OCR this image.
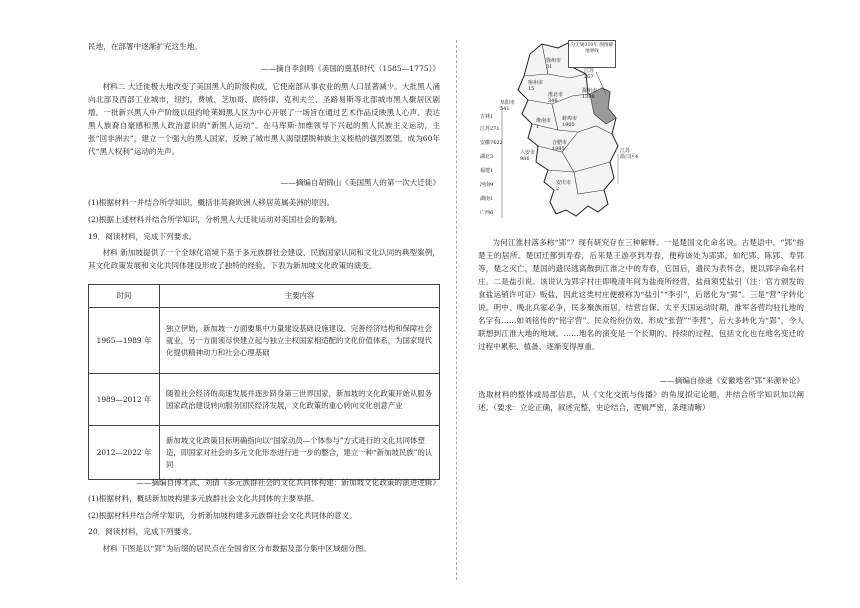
民地，在部署中逐渐扩充这生地。

——摘自李剑鸣《美国的奠基时代（1585—1775）》

材料二 大迁徙极大地改变了美国黑人的阶级构成，它使南部从事农业的黑人口显著减少。大批黑人涌向北部及西部工业城市，纽约、费城、芝加哥、底特律、克利夫兰、圣路易斯等北部城市黑人聚居区剧增。一批新兴黑人中产阶级以纽约哈莱姆黑人区为中心开展了一场旨在通过艺术作品反映黑人心声、表达黑人族裔自豪感和黑人政治意识的“新黑人运动”。在马库斯·加维领导下兴起的黑人民族主义运动，主张“回非洲去”，建立一个强大的黑人国家，反映了城市黑人渴望摆脱种族主义桎梏的强烈愿望，成为60年代“黑人权利”运动的先声。

——摘编自胡锦山《美国黑人的第一次大迁徙》

(1)根据材料一并结合所学知识，概括非英裔欧洲人移居英属美洲的原因。

(2)根据上述材料并结合所学知识，分析黑人大迁徙运动对美国社会的影响。

19．阅读材料，完成下列要求。

材料 新加坡提供了一个全球化语境下基于多元族群社会建设、民族国家认同和文化认同的典型案例，其文化政策发展和文化共同体建设形成了独特的经验。下表为新加坡文化政策的演变。

时间	主要内容
1965—1989 年	独立伊始，新加坡一方面要集中力量建设基础设施建设、完善经济结构和保障社会就业，另一方面须尽快建立起与独立主权国家相适配的文化价值体系，为国家现代化提供精神动力和社会心理基础
1989—2012 年	随着社会经济的高速发展并逐步跻身第三世界国家，新加坡的文化政策开始从服务国家政治建设转向服务国民经济发展，文化政策的重心转向文化创意产业
2012—2022 年	新加坡文化政策目标明确指向以“国家动员—个体参与”方式进行的文化共同体塑造，即国家对社会的多元文化形态进行进一步的整合，建立一种“新加坡民族”的认同

——摘编自傅才武、刘倩《多元族群社会的文化共同体构建：新加坡文化政策的演进逻辑》

(1)根据材料，概括新加坡构建多元族群社会文化共同体的主要举措。

(2)根据材料并结合所学知识，分析新加坡构建多元族群社会文化共同体的意义。

20．阅读材料，完成下列要求。

材料 下图是以“郢”为后缀的居民点在全国省区分布数据及部分集中区域细分图。

分无锡310年 图图解地界线
吉林1
江苏271
安徽7622
湖北3
福建1
河南9
湖南1
广西6
徐州市
31
宿州市
15
淮北市
346
蚌埠市
1905
淮南市
1
阜阳市
541
滁州市
1388
合肥市
1985
六安市
986
安庆市
2
江苏
267
江苏
温口区4

为何江淮村落多称“郢”？现有研究存在三种解释。一是楚国文化命名说。古楚语中，“郢”指楚王的居所。楚国迁都到寿春，后来楚王游亭到寿春，便称该处为郢郢，如纪郢、陈郢、寿郢等，楚之灭亡，楚国的遗民逃离散到江淮之中的寿春，它国后，遗民为表怀念，便以郢字命名村庄。二是盐引说。该说认为郢字村庄即晚清年间为盐商所经营，盐商须凭盐引（注：官方颁发的食盐运销许可证）贩盐，因此这类村庄便被称为“盐引”“李引”，后谐化为“郢”。三是“营”字转化说。明中、晚北兵家必争，民多聚族而居，结营自保。太平天国运动时期，淮军各营均驻扎地的名字有……如刘铭传的“铭字营”、民众纷纷仿效，形成“张营”“李营”，后大多转化为“郢”，令人联想到江淮大地的地域。……地名的演变是一个长期的、持续的过程，包括文化也在地名变迁的过程中累积、植备、逐渐变得厚重。

——摘编自徐进《安徽地名“郢”来源补论》

选取材料的整体或局部信息，从《文化交流与传播》的角度拟定论题，并结合所学知识加以阐述。（要求：立论正确，叙述完整，史论结合，逻辑严密，条理清晰）
